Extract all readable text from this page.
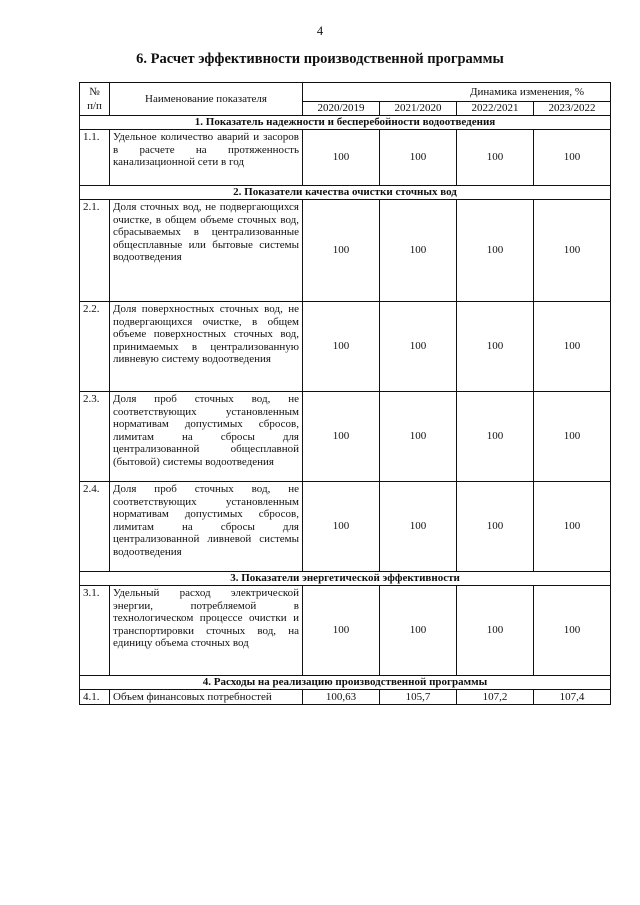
4
6. Расчет эффективности производственной программы
№
п/п	Наименование показателя	Динамика изменения, %			
		2020/2019	2021/2020	2022/2021	2023/2022
1. Показатель надежности и бесперебойности водоотведения					
1.1.	Удельное количество аварий и засоров в расчете на протяженность канализационной сети в год	100	100	100	100
2. Показатели качества очистки сточных вод					
2.1.	Доля сточных вод, не подвергающихся очистке, в общем объеме сточных вод, сбрасываемых в централизованные общесплавные или бытовые системы водоотведения	100	100	100	100
2.2.	Доля поверхностных сточных вод, не подвергающихся очистке, в общем объеме поверхностных сточных вод, принимаемых в централизованную ливневую систему водоотведения	100	100	100	100
2.3.	Доля проб сточных вод, не соответствующих установленным нормативам допустимых сбросов, лимитам на сбросы для централизованной общесплавной (бытовой) системы водоотведения	100	100	100	100
2.4.	Доля проб сточных вод, не соответствующих установленным нормативам допустимых сбросов, лимитам на сбросы для централизованной ливневой системы водоотведения	100	100	100	100
3. Показатели энергетической эффективности					
3.1.	Удельный расход электрической энергии, потребляемой в технологическом процессе очистки и транспортировки сточных вод, на единицу объема сточных вод	100	100	100	100
4. Расходы на реализацию производственной программы					
4.1.	Объем финансовых потребностей	100,63	105,7	107,2	107,4
